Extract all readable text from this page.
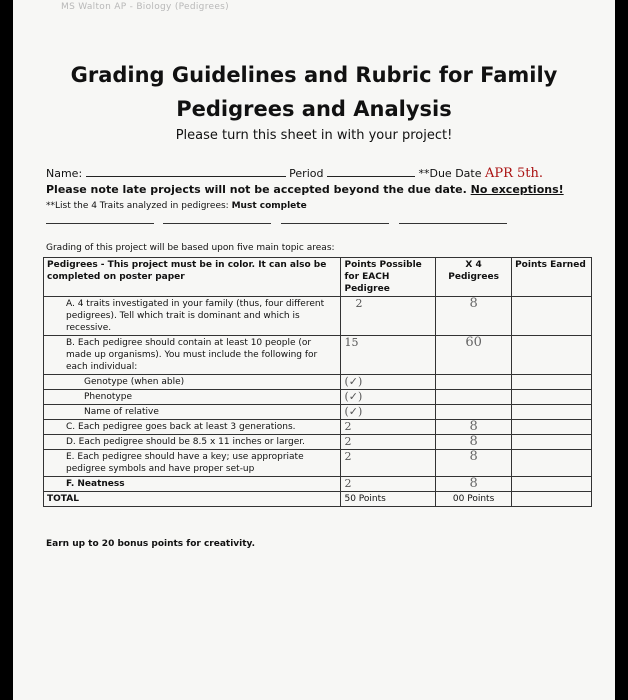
MS Walton AP - Biology (Pedigrees)
Grading Guidelines and Rubric for Family
Pedigrees and Analysis
Please turn this sheet in with your project!
Name:	Period	**Due Date APR 5th.
Please note late projects will not be accepted beyond the due date. No exceptions!
**List the 4 Traits analyzed in pedigrees: Must complete
Grading of this project will be based upon five main topic areas:
Pedigrees - This project must be in color. It can also be completed on poster paper	Points Possible for EACH Pedigree	X 4 Pedigrees	Points Earned
A. 4 traits investigated in your family (thus, four different pedigrees). Tell which trait is dominant and which is recessive.	2	8	
B. Each pedigree should contain at least 10 people (or made up organisms). You must include the following for each individual:	15	60	
Genotype (when able)	(✓)		
Phenotype	(✓)		
Name of relative	(✓)		
C. Each pedigree goes back at least 3 generations.	2	8	
D. Each pedigree should be 8.5 x 11 inches or larger.	2	8	
E. Each pedigree should have a key; use appropriate pedigree symbols and have proper set-up	2	8	
F. Neatness	2	8	
TOTAL	50 Points	00 Points	
Earn up to 20 bonus points for creativity.
